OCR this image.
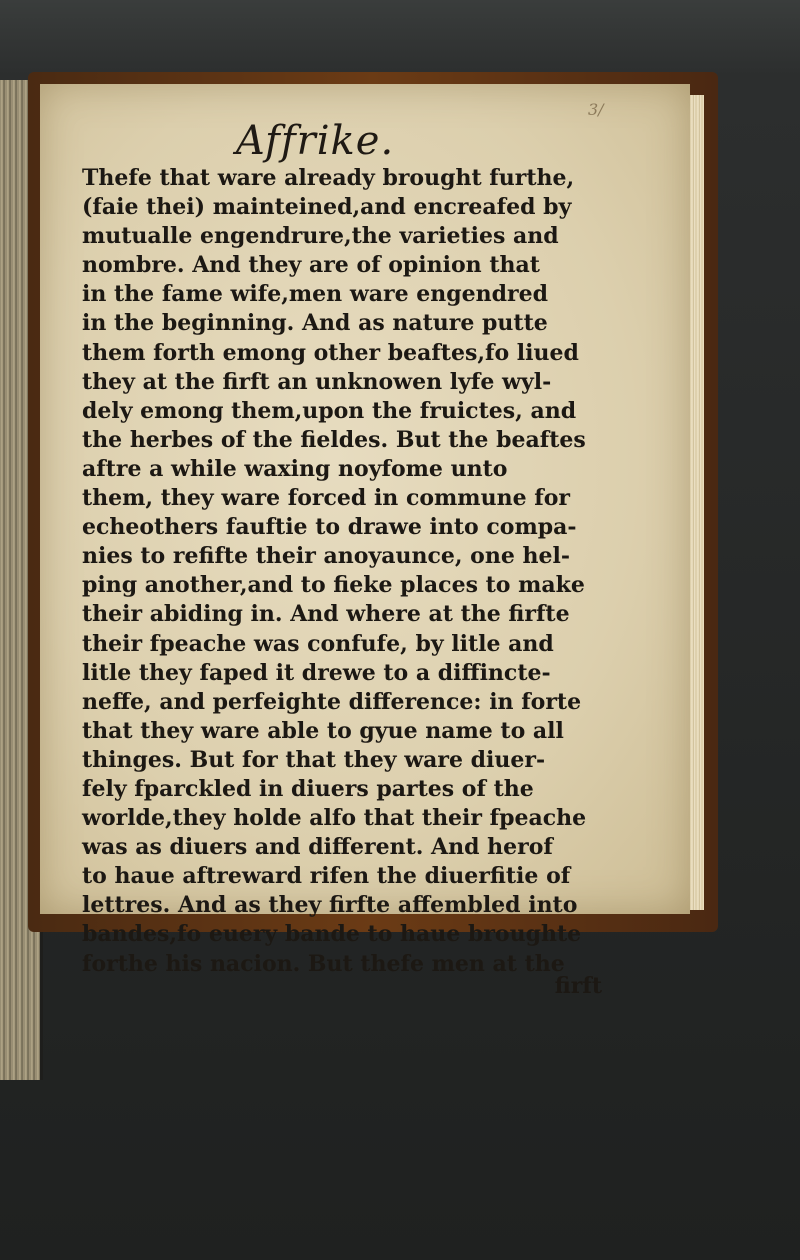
3/
Affrike.
Thefe that ware already brought furthe,
(faie thei) mainteined,and encreafed by
mutualle engendrure,the varieties and
nombre. And they are of opinion that
in the fame wife,men ware engendred
in the beginning. And as nature putte
them forth emong other beaftes,fo liued
they at the firft an unknowen lyfe wyl-
dely emong them,upon the fruictes, and
the herbes of the fieldes. But the beaftes
aftre a while waxing noyfome unto
them, they ware forced in commune for
echeothers fauftie to drawe into compa-
nies to refifte their anoyaunce, one hel-
ping another,and to fieke places to make
their abiding in. And where at the firfte
their fpeache was confufe, by litle and
litle they faped it drewe to a diffincte-
neffe, and perfeighte difference: in forte
that they ware able to gyue name to all
thinges. But for that they ware diuer-
fely fparckled in diuers partes of the
worlde,they holde alfo that their fpeache
was as diuers and different. And herof
to haue aftreward rifen the diuerfitie of
lettres. And as they firfte affembled into
bandes,fo euery bande to haue broughte
forthe his nacion. But thefe men at the
firft
